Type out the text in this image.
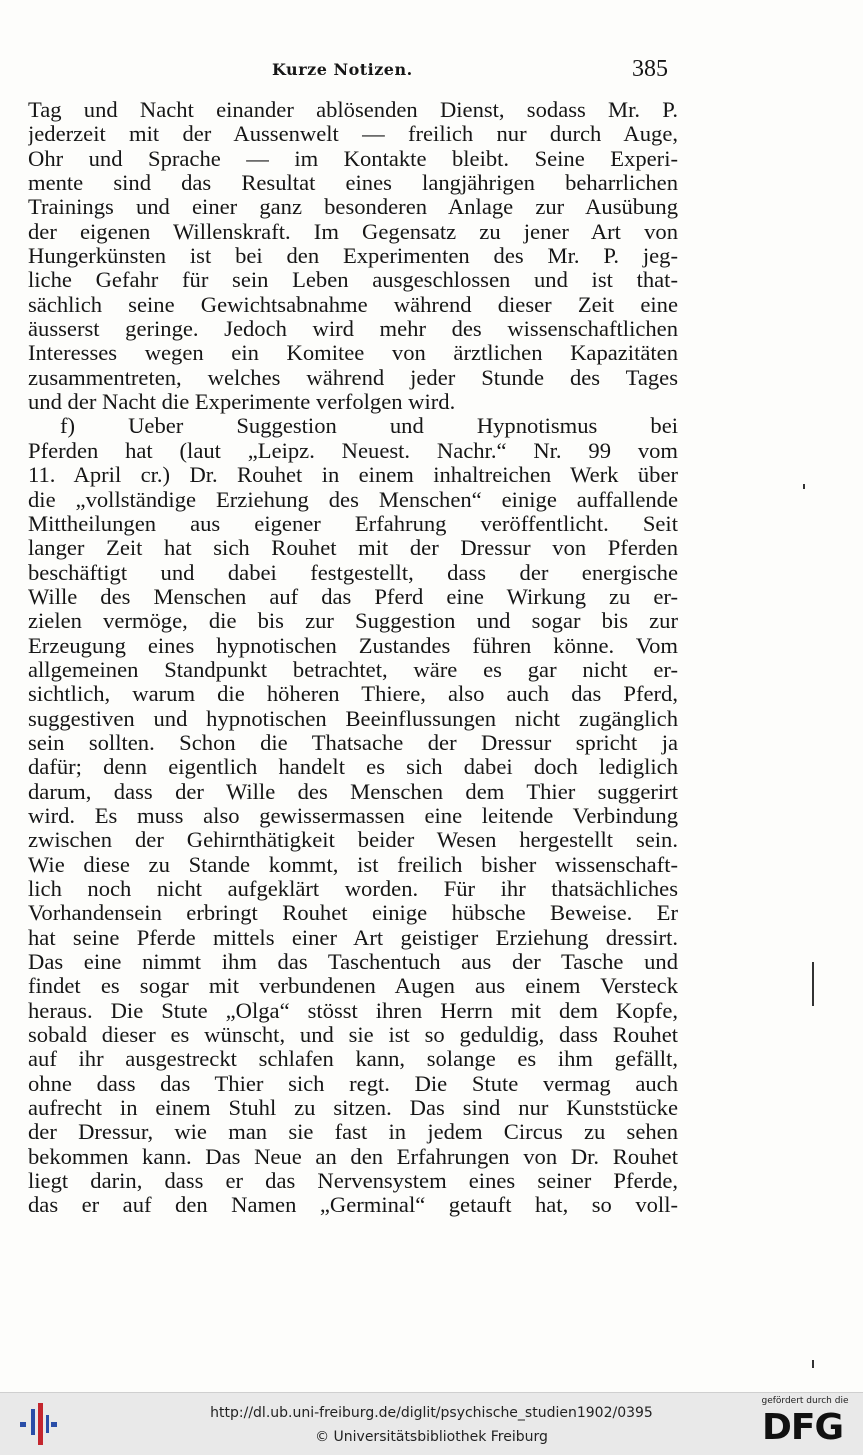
Kurze Notizen.	385
Tag und Nacht einander ablösenden Dienst, sodass Mr. P.
jederzeit mit der Aussenwelt — freilich nur durch Auge,
Ohr und Sprache — im Kontakte bleibt. Seine Experi-
mente sind das Resultat eines langjährigen beharrlichen
Trainings und einer ganz besonderen Anlage zur Ausübung
der eigenen Willenskraft. Im Gegensatz zu jener Art von
Hungerkünsten ist bei den Experimenten des Mr. P. jeg-
liche Gefahr für sein Leben ausgeschlossen und ist that-
sächlich seine Gewichtsabnahme während dieser Zeit eine
äusserst geringe. Jedoch wird mehr des wissenschaftlichen
Interesses wegen ein Komitee von ärztlichen Kapazitäten
zusammentreten, welches während jeder Stunde des Tages
und der Nacht die Experimente verfolgen wird.
f) Ueber Suggestion und Hypnotismus bei
Pferden hat (laut „Leipz. Neuest. Nachr.“ Nr. 99 vom
11. April cr.) Dr. Rouhet in einem inhaltreichen Werk über
die „vollständige Erziehung des Menschen“ einige auffallende
Mittheilungen aus eigener Erfahrung veröffentlicht. Seit
langer Zeit hat sich Rouhet mit der Dressur von Pferden
beschäftigt und dabei festgestellt, dass der energische
Wille des Menschen auf das Pferd eine Wirkung zu er-
zielen vermöge, die bis zur Suggestion und sogar bis zur
Erzeugung eines hypnotischen Zustandes führen könne. Vom
allgemeinen Standpunkt betrachtet, wäre es gar nicht er-
sichtlich, warum die höheren Thiere, also auch das Pferd,
suggestiven und hypnotischen Beeinflussungen nicht zugänglich
sein sollten. Schon die Thatsache der Dressur spricht ja
dafür; denn eigentlich handelt es sich dabei doch lediglich
darum, dass der Wille des Menschen dem Thier suggerirt
wird. Es muss also gewissermassen eine leitende Verbindung
zwischen der Gehirnthätigkeit beider Wesen hergestellt sein.
Wie diese zu Stande kommt, ist freilich bisher wissenschaft-
lich noch nicht aufgeklärt worden. Für ihr thatsächliches
Vorhandensein erbringt Rouhet einige hübsche Beweise. Er
hat seine Pferde mittels einer Art geistiger Erziehung dressirt.
Das eine nimmt ihm das Taschentuch aus der Tasche und
findet es sogar mit verbundenen Augen aus einem Versteck
heraus. Die Stute „Olga“ stösst ihren Herrn mit dem Kopfe,
sobald dieser es wünscht, und sie ist so geduldig, dass Rouhet
auf ihr ausgestreckt schlafen kann, solange es ihm gefällt,
ohne dass das Thier sich regt. Die Stute vermag auch
aufrecht in einem Stuhl zu sitzen. Das sind nur Kunststücke
der Dressur, wie man sie fast in jedem Circus zu sehen
bekommen kann. Das Neue an den Erfahrungen von Dr. Rouhet
liegt darin, dass er das Nervensystem eines seiner Pferde,
das er auf den Namen „Germinal“ getauft hat, so voll-
http://dl.ub.uni-freiburg.de/diglit/psychische_studien1902/0395
© Universitätsbibliothek Freiburg
gefördert durch die
DFG
